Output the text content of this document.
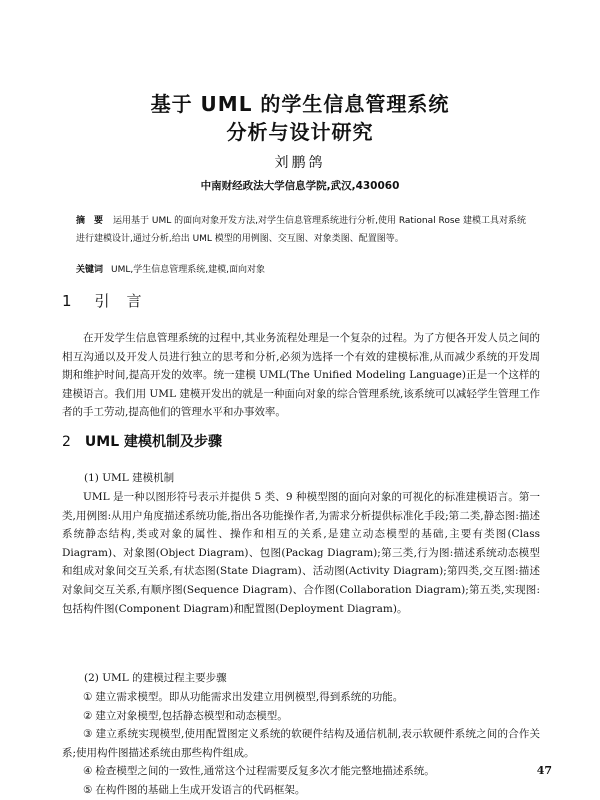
基于 UML 的学生信息管理系统
分析与设计研究
刘鹏鸽
中南财经政法大学信息学院,武汉,430060
摘　要 运用基于 UML 的面向对象开发方法,对学生信息管理系统进行分析,使用 Rational Rose 建模工具对系统进行建模设计,通过分析,给出 UML 模型的用例图、交互图、对象类图、配置图等。
关键词 UML,学生信息管理系统,建模,面向对象
1 引　言
在开发学生信息管理系统的过程中,其业务流程处理是一个复杂的过程。为了方便各开发人员之间的相互沟通以及开发人员进行独立的思考和分析,必须为选择一个有效的建模标准,从而减少系统的开发周期和维护时间,提高开发的效率。统一建模 UML(The Unified Modeling Language)正是一个这样的建模语言。我们用 UML 建模开发出的就是一种面向对象的综合管理系统,该系统可以减轻学生管理工作者的手工劳动,提高他们的管理水平和办事效率。
2 UML 建模机制及步骤
(1) UML 建模机制
UML 是一种以图形符号表示并提供 5 类、9 种模型图的面向对象的可视化的标准建模语言。第一类,用例图:从用户角度描述系统功能,指出各功能操作者,为需求分析提供标准化手段;第二类,静态图:描述系统静态结构,类或对象的属性、操作和相互的关系,是建立动态模型的基础,主要有类图(Class Diagram)、对象图(Object Diagram)、包图(Packag Diagram);第三类,行为图:描述系统动态模型和组成对象间交互关系,有状态图(State Diagram)、活动图(Activity Diagram);第四类,交互图:描述对象间交互关系,有顺序图(Sequence Diagram)、合作图(Collaboration Diagram);第五类,实现图:包括构件图(Component Diagram)和配置图(Deployment Diagram)。
(2) UML 的建模过程主要步骤
① 建立需求模型。即从功能需求出发建立用例模型,得到系统的功能。
② 建立对象模型,包括静态模型和动态模型。
③ 建立系统实现模型,使用配置图定义系统的软硬件结构及通信机制,表示软硬件系统之间的合作关系;使用构件图描述系统由那些构件组成。
④ 检查模型之间的一致性,通常这个过程需要反复多次才能完整地描述系统。
⑤ 在构件图的基础上生成开发语言的代码框架。
47
